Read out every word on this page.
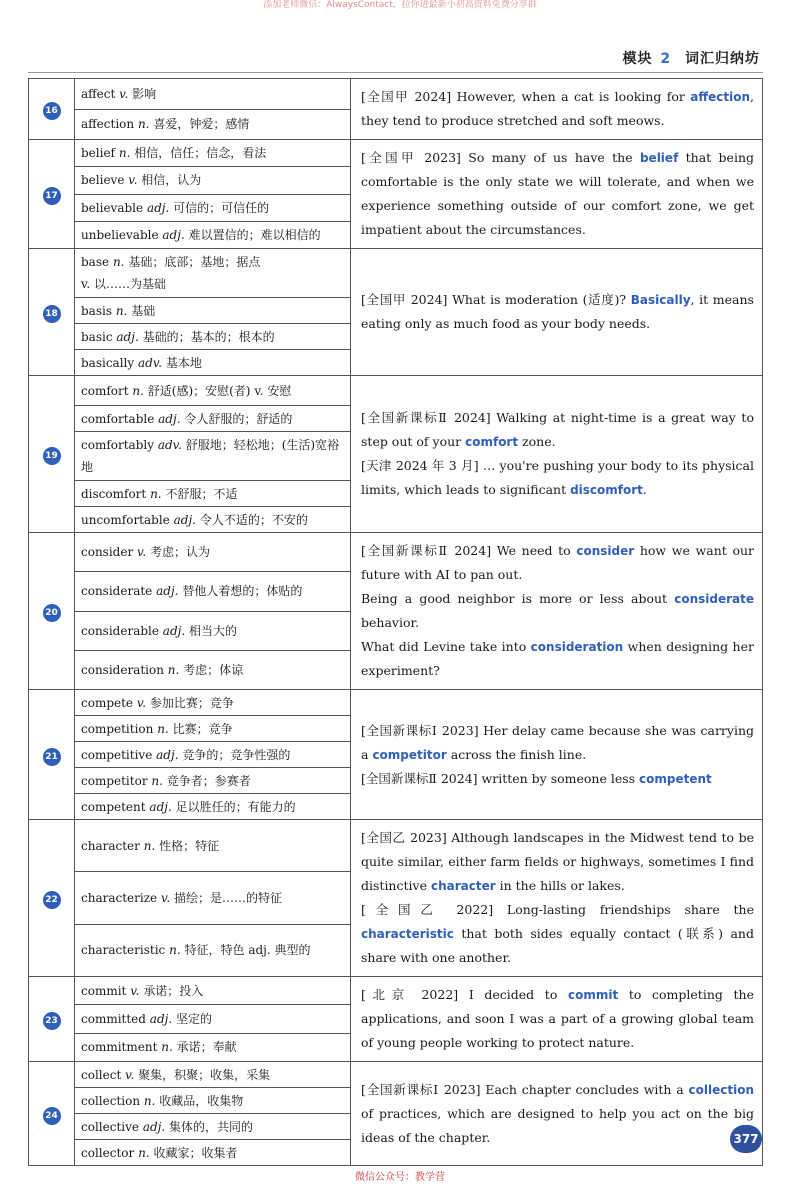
添加老师微信：AlwaysContact，拉你进最新小初高资料免费分享群
模块 2 词汇归纳坊
16	affect v. 影响	[全国甲 2024] However, when a cat is looking for affection, they tend to produce stretched and soft meows.

	affection n. 喜爱，钟爱；感情	
17	belief n. 相信，信任；信念，看法	[全国甲 2023] So many of us have the belief that being comfortable is the only state we will tolerate, and when we experience something outside of our comfort zone, we get impatient about the circumstances.

	believe v. 相信，认为	
	believable adj. 可信的；可信任的	
	unbelievable adj. 难以置信的；难以相信的	
18	base n. 基础；底部；基地；据点
v. 以……为基础	[全国甲 2024] What is moderation (适度)? Basically, it means eating only as much food as your body needs.

	basis n. 基础	
	basic adj. 基础的；基本的；根本的	
	basically adv. 基本地	
19	comfort n. 舒适(感)；安慰(者) v. 安慰	[全国新课标Ⅱ 2024] Walking at night-time is a great way to step out of your comfort zone.

[天津 2024 年 3 月] … you're pushing your body to its physical limits, which leads to significant discomfort.

	comfortable adj. 令人舒服的；舒适的	
	comfortably adv. 舒服地；轻松地；(生活)宽裕地	
	discomfort n. 不舒服；不适	
	uncomfortable adj. 令人不适的；不安的	
20	consider v. 考虑；认为	[全国新课标Ⅱ 2024] We need to consider how we want our future with AI to pan out.

Being a good neighbor is more or less about considerate behavior.

What did Levine take into consideration when designing her experiment?

	considerate adj. 替他人着想的；体贴的	
	considerable adj. 相当大的	
	consideration n. 考虑；体谅	
21	compete v. 参加比赛；竞争	[全国新课标Ⅰ 2023] Her delay came because she was carrying a competitor across the finish line.

[全国新课标Ⅱ 2024] written by someone less competent

	competition n. 比赛；竞争	
	competitive adj. 竞争的；竞争性强的	
	competitor n. 竞争者；参赛者	
	competent adj. 足以胜任的；有能力的	
22	character n. 性格；特征	[全国乙 2023] Although landscapes in the Midwest tend to be quite similar, either farm fields or highways, sometimes I find distinctive character in the hills or lakes.

[全国乙 2022] Long-lasting friendships share the characteristic that both sides equally contact (联系) and share with one another.

	characterize v. 描绘；是……的特征	
	characteristic n. 特征，特色 adj. 典型的	
23	commit v. 承诺；投入	[北京 2022] I decided to commit to completing the applications, and soon I was a part of a growing global team of young people working to protect nature.

	committed adj. 坚定的	
	commitment n. 承诺；奉献	
24	collect v. 聚集，积聚；收集，采集	[全国新课标Ⅰ 2023] Each chapter concludes with a collection of practices, which are designed to help you act on the big ideas of the chapter.

	collection n. 收藏品，收集物	
	collective adj. 集体的，共同的	
	collector n. 收藏家；收集者	
377
微信公众号：教学营
